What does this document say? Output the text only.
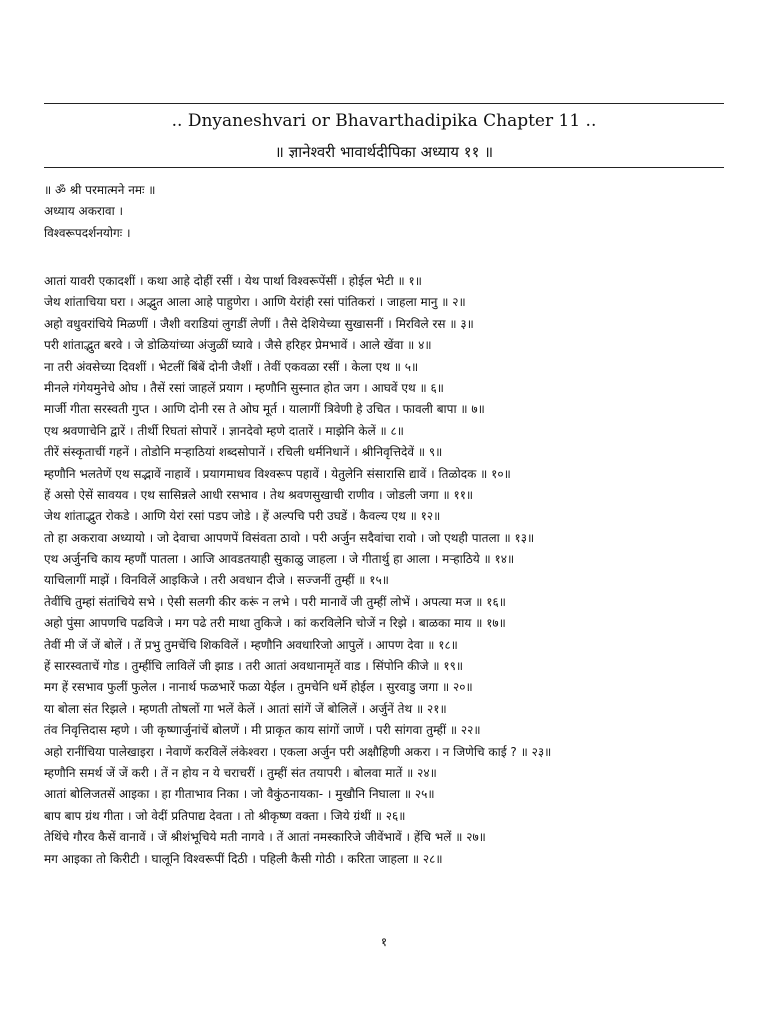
.. Dnyaneshvari or Bhavarthadipika Chapter 11 ..
॥ ज्ञानेश्वरी भावार्थदीपिका अध्याय ११ ॥
॥ ॐ श्री परमात्मने नमः ॥
अध्याय अकरावा ।
विश्वरूपदर्शनयोगः ।
आतां यावरी एकादशीं । कथा आहे दोहीं रसीं । येथ पार्था विश्वरूपेंसीं । होईल भेटी ॥ १॥
जेथ शांताचिया घरा । अद्भुत आला आहे पाहुणेरा । आणि येरांही रसां पांतिकरां । जाहला मानु ॥ २॥
अहो वधुवरांचिये मिळणीं । जैशी वराडियां लुगडीं लेणीं । तैसे देशियेच्या सुखासनीं । मिरविले रस ॥ ३॥
परी शांताद्भुत बरवे । जे डोळियांच्या अंजुळीं घ्यावे । जैसे हरिहर प्रेमभावें । आले खेंवा ॥ ४॥
ना तरी अंवसेच्या दिवशीं । भेटलीं बिंबें दोनी जैशीं । तेवीं एकवळा रसीं । केला एथ ॥ ५॥
मीनले गंगेयमुनेचे ओघ । तैसें रसां जाहलें प्रयाग । म्हणौनि सुस्नात होत जग । आघवें एथ ॥ ६॥
मार्जी गीता सरस्वती गुप्त । आणि दोनी रस ते ओघ मूर्त । यालागीं त्रिवेणी हे उचित । फावली बापा ॥ ७॥
एथ श्रवणाचेनि द्वारें । तीर्थी रिघतां सोपारें । ज्ञानदेवो म्हणे दातारें । माझेनि केलें ॥ ८॥
तीरें संस्कृताचीं गहनें । तोडोनि मऱ्हाठियां शब्दसोपानें । रचिली धर्मनिधानें । श्रीनिवृत्तिदेवें ॥ ९॥
म्हणौनि भलतेणें एथ सद्भावें नाहावें । प्रयागमाधव विश्वरूप पहावें । येतुलेनि संसारासि द्यावें । तिळोदक ॥ १०॥
हें असो ऐसें सावयव । एथ सासिन्नले आधी रसभाव । तेथ श्रवणसुखाची राणीव । जोडली जगा ॥ ११॥
जेथ शांताद्भुत रोकडे । आणि येरां रसां पडप जोडे । हें अल्पचि परी उघडें । कैवल्य एथ ॥ १२॥
तो हा अकरावा अध्यायो । जो देवाचा आपणपें विसंवता ठावो । परी अर्जुन सदैवांचा रावो । जो एथही पातला ॥ १३॥
एथ अर्जुनचि काय म्हणौं पातला । आजि आवडतयाही सुकाळु जाहला । जे गीतार्थु हा आला । मऱ्हाठिये ॥ १४॥
याचिलागीं माझें । विनविलें आइकिजे । तरी अवधान दीजे । सज्जनीं तुम्हीं ॥ १५॥
तेवींचि तुम्हां संतांचिये सभे । ऐसी सलगी कीर करूं न लभे । परी मानावें जी तुम्हीं लोभें । अपत्या मज ॥ १६॥
अहो पुंसा आपणचि पढविजे । मग पढे तरी माथा तुकिजे । कां करविलेनि चोजें न रिझे । बाळका माय ॥ १७॥
तेवीं मी जें जें बोलें । तें प्रभु तुमचेंचि शिकविलें । म्हणौनि अवधारिजो आपुलें । आपण देवा ॥ १८॥
हें सारस्वताचें गोड । तुम्हींचि लाविलें जी झाड । तरी आतां अवधानामृतें वाड । सिंपोनि कीजे ॥ १९॥
मग हें रसभाव फुलीं फुलेल । नानार्थ फळभारें फळा येईल । तुमचेनि धर्मे होईल । सुरवाडु जगा ॥ २०॥
या बोला संत रिझले । म्हणती तोषलों गा भलें केलें । आतां सांगें जें बोलिलें । अर्जुनें तेथ ॥ २१॥
तंव निवृत्तिदास म्हणे । जी कृष्णार्जुनांचें बोलणें । मी प्राकृत काय सांगों जाणें । परी सांगवा तुम्हीं ॥ २२॥
अहो रानींचिया पालेखाइरा । नेवाणें करविलें लंकेश्वरा । एकला अर्जुन परी अक्षौहिणी अकरा । न जिणेचि काई ? ॥ २३॥
म्हणौनि समर्थ जें जें करी । तें न होय न ये चराचरीं । तुम्हीं संत तयापरी । बोलवा मातें ॥ २४॥
आतां बोलिजतसें आइका । हा गीताभाव निका । जो वैकुंठनायका- । मुखौनि निघाला ॥ २५॥
बाप बाप ग्रंथ गीता । जो वेदीं प्रतिपाद्य देवता । तो श्रीकृष्ण वक्ता । जिये ग्रंथीं ॥ २६॥
तेथिंचे गौरव कैसें वानावें । जें श्रीशंभूचिये मती नागवे । तें आतां नमस्कारिजे जीवेंभावें । हेंचि भलें ॥ २७॥
मग आइका तो किरीटी । घालूनि विश्वरूपीं दिठी । पहिली कैसी गोठी । करिता जाहला ॥ २८॥
१
